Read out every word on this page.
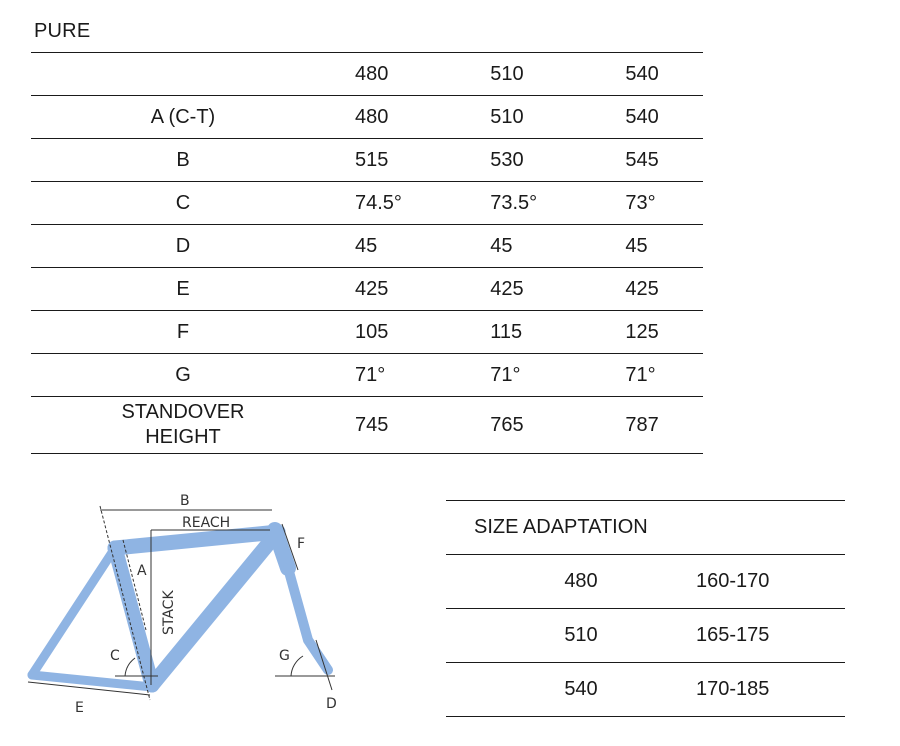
PURE
	480	510	540
A (C-T)	480	510	540
B	515	530	545
C	74.5°	73.5°	73°
D	45	45	45
E	425	425	425
F	105	115	125
G	71°	71°	71°
STANDOVER
HEIGHT	745	765	787
B
REACH
F
A
STACK
C	G
E	D
SIZE ADAPTATION	
480	160-170
510	165-175
540	170-185
